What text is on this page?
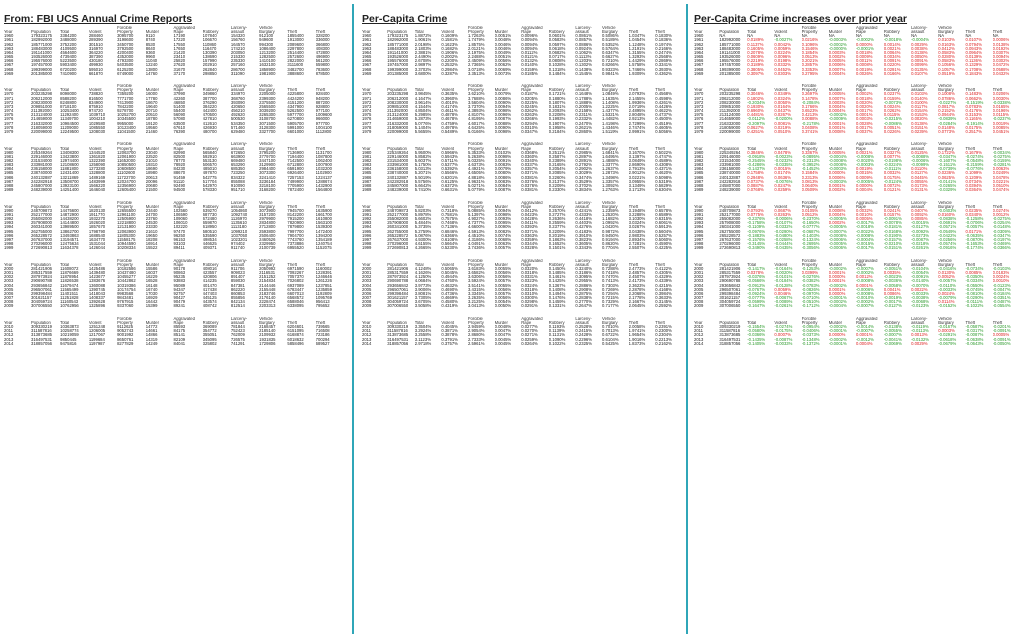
From: FBI UCS Annual Crime Reports
				Forcible		Aggravated		Larceny-	Vehicle		
Year	Population	Total	Violent	Property	Murder	Rape	Robbery	assault	Burglary	Theft	Theft
1960	179323175	3384200	288460	3095700	9110	17190	107840	154320	912100	1855400	328200
1961	182992000	3488000	289390	3198600	8740	17220	106670	156760	949600	1913000	336000
1962	185771000	3752200	301510	3450700	8530	17550	110860	164570	994300	2089600	366800
1963	188483000	4109500	316970	3792500	8640	17650	116470	174210	1086400	2297800	408300
1964	191141000	4564600	364220	4200400	9360	21420	130390	203050	1213200	2514400	472800
1965	193526000	4739400	387390	4352000	9960	23410	138690	215330	1282500	2572600	496900
1966	195576000	5223500	430180	4793300	11040	25820	157990	235330	1410100	2822000	561200
1967	197457000	5903400	499930	5403500	12240	27620	202910	257160	1632100	3111600	659800
1968	199399000	6720200	595010	6125200	13800	31670	262840	286700	1858900	3482700	783600
1969	201385000	7410900	661870	6749000	14760	37170	298850	311090	1981900	3888600	878500

				Forcible		Aggravated		Larceny-	Vehicle		
Year	Population	Total	Violent	Property	Murder	Rape	Robbery	assault	Burglary	Theft	Theft
1970	203235298	8098000	738820	7359200	16000	37990	349860	334970	2205000	4225800	928400
1971	206212000	8588200	816500	7771700	17780	42260	387700	368760	2399300	4424200	948200
1972	208230000	8248800	834900	7413900	18670	46850	376290	393090	2375500	4151200	887200
1973	209851000	8718100	875910	7842200	19640	51400	384220	420650	2565500	4347900	928800
1974	211392000	10253400	974720	9278700	20710	55400	442400	456210	3039200	5262500	977100
1975	213124000	11292400	1039710	10252700	20510	56090	470500	492620	3265300	5977700	1009600
1976	214659000	11349700	1004210	10345500	18780	57080	427810	500530	3108700	6270800	966000
1977	216332000	10984500	1029580	9955000	19120	63500	412610	534350	3071500	5905700	977700
1978	218059000	11209000	1085550	10123400	19560	67610	426930	571460	3128300	5991000	1004100
1979	220099000	12249500	1208030	11041500	21460	76390	480700	629480	3327700	6601000	1112800

				Forcible		Aggravated		Larceny-	Vehicle		
Year	Population	Total	Violent	Property	Murder	Rape	Robbery	assault	Burglary	Theft	Theft
1980	225349264	13408300	1344520	12063700	23040	82990	565840	672650	3795200	7136900	1131700
1981	229146000	13423800	1361820	12061900	22520	82500	592910	663900	3779700	7194400	1087800
1982	231534000	12974400	1322390	11652000	21010	78770	553130	669480	3447100	7142500	1062400
1983	233981000	12108600	1258090	10850500	19310	78920	506570	653290	3129900	6712800	1007900
1984	236158000	11881800	1273280	10608500	18690	84230	485010	685350	2984400	6591900	1032200
1985	238740000	12431400	1328800	11102600	18980	88670	497870	723250	3073300	6926400	1102900
1986	240132887	13211869	1489169	11722700	20613	91459	542775	834322	3241410	7257153	1224137
1987	242282918	13508700	1483999	12024700	20096	91110	517704	855088	3236184	7499900	1288674
1988	245807000	13923100	1566220	12356900	20680	92490	542970	910090	3218100	7705900	1432900
1989	248239000	14251400	1646040	12605400	21500	94500	578330	951710	3168200	7872400	1564800

				Forcible		Aggravated		Larceny-	Vehicle		
Year	Population	Total	Violent	Property	Murder	Rape	Robbery	assault	Burglary	Theft	Theft
1990	248709873	14475600	1820130	12655500	23440	102560	639270	1054860	3073900	7945700	1635900
1991	252177000	14872900	1911770	12961100	24700	106590	687730	1092740	3157200	8142200	1661700
1992	255082000	14438200	1932270	12505900	23760	109060	672480	1126970	2979900	7915200	1610800
1993	257908000	14144800	1926020	12218800	24530	106010	659870	1135610	2834800	7820900	1563100
1994	260341000	13989500	1857670	12131900	23330	102220	618950	1113180	2712800	7879800	1539300
1995	262755000	13862700	1798790	12063900	21610	97470	580510	1099210	2593800	7997700	1472400
1996	265228572	13493863	1688540	11805300	19650	96250	535590	1037050	2506400	7904700	1394200
1997	267637000	13194571	1634770	11558175	18208	96153	498534	1023201	2460526	7743760	1354189
1998	270296000	12475634	1531044	10944590	16914	93103	446625	974402	2329950	7373886	1240754
1999	272690813	11634378	1426044	10208334	15522	89411	409371	911740	2100739	6955520	1152075

				Forcible		Aggravated		Larceny-	Vehicle		
Year	Population	Total	Violent	Property	Murder	Rape	Robbery	assault	Burglary	Theft	Theft
2000	281421906	11608072	1425486	10182586	15586	90178	408016	911706	2050992	6971590	1160002
2001	285317559	11876669	1439480	10437480	16037	90863	423557	909023	2116531	7092267	1228391
2002	287973924	11878954	1423677	10455277	16229	95235	420806	891407	2151252	7057370	1246646
2003	290690788	11826538	1383676	10442862	16528	93883	414235	859030	2154834	7026802	1261226
2004	293656842	11679474	1360088	10319386	16148	95089	401470	847381	2144446	6937089	1237851
2005	296507061	11565499	1390745	10174754	16740	94347	417438	862220	2155448	6783447	1235859
2006	299398484	11401511	1418043	9983568	17030	92757	447403	860853	2183746	6607013	1192809
2007	301621157	11251828	1408337	9843481	16929	90427	445125	855856	2176140	6568572	1095769
2008	304059724	11160543	1392628	9767915	16442	90479	443574	842134	2228474	6588046	956413
2009	307006550	10762956	1325896	9337060	15399	89241	408742	812514	2203313	6338095	795652

				Forcible		Aggravated		Larceny-	Vehicle		
Year	Population	Total	Violent	Property	Murder	Rape	Robbery	assault	Burglary	Theft	Theft
2010	309330219	10363873	1251248	9112625	14772	85593	369089	781844	2168457	6204601	739565
2011	311587816	10258774	1206005	9052743	14661	84175	354772	752423	2185140	6151095	716508
2012	313873685	10219059	1217067	9001992	14866	85141	355051	762009	2109932	6168874	723186
2013	316497531	9850445	1199684	8650761	14319	82109	345095	726575	1931835	6018632	700294
2014	318857056	9475816	1197987	8277829	14249	84041	325802	741291	1729806	5858496	689527
Per-Capita Crime
				Forcible		Aggravated		Larceny-	Vehicle		
Year	Population	Total	Violent	Property	Murder	Rape	Robbery	assault	Burglary	Theft	Theft
1960	179323175	1.8872%	0.1609%	1.7263%	0.0051%	0.0096%	0.0601%	0.0861%	0.5086%	1.0347%	0.1830%
1961	182992000	1.9061%	0.1581%	1.7479%	0.0048%	0.0094%	0.0583%	0.0857%	0.5189%	1.0454%	0.1836%
1962	185771000	2.0198%	0.1623%	1.8575%	0.0046%	0.0094%	0.0597%	0.0886%	0.5352%	1.1248%	0.1974%
1963	188483000	2.1803%	0.1682%	2.0121%	0.0046%	0.0094%	0.0618%	0.0924%	0.5764%	1.2191%	0.2166%
1964	191141000	2.3881%	0.1906%	2.1975%	0.0049%	0.0112%	0.0682%	0.1062%	0.6347%	1.3155%	0.2474%
1965	193526000	2.4490%	0.2002%	2.2488%	0.0051%	0.0121%	0.0717%	0.1113%	0.6627%	1.3293%	0.2568%
1966	195576000	2.6708%	0.2200%	2.4509%	0.0056%	0.0132%	0.0808%	0.1203%	0.7210%	1.4429%	0.2869%
1967	197457000	2.9897%	0.2532%	2.7365%	0.0062%	0.0140%	0.1028%	0.1302%	0.8266%	1.5758%	0.3341%
1968	199399000	3.3702%	0.2984%	3.0718%	0.0069%	0.0159%	0.1318%	0.1438%	0.9323%	1.7466%	0.3930%
1969	201385000	3.6800%	0.3287%	3.3513%	0.0073%	0.0185%	0.1484%	0.1545%	0.9841%	1.9309%	0.4362%

				Forcible		Aggravated		Larceny-	Vehicle		
Year	Population	Total	Violent	Property	Murder	Rape	Robbery	assault	Burglary	Theft	Theft
1970	203235298	3.9845%	0.3635%	3.6210%	0.0079%	0.0187%	0.1721%	0.1648%	1.0849%	2.0793%	0.4568%
1971	206212000	4.1647%	0.3960%	3.7688%	0.0086%	0.0205%	0.1880%	0.1788%	1.1635%	2.1455%	0.4598%
1972	208230000	3.9614%	0.4010%	3.5604%	0.0090%	0.0225%	0.1807%	0.1888%	1.1408%	1.9936%	0.4261%
1973	209851000	4.1544%	0.4174%	3.7370%	0.0094%	0.0245%	0.1831%	0.2005%	1.2225%	2.0719%	0.4426%
1974	211392000	4.8504%	0.4611%	4.3893%	0.0098%	0.0262%	0.2093%	0.2158%	1.4377%	2.4895%	0.4622%
1975	213124000	5.2985%	0.4878%	4.8107%	0.0096%	0.0263%	0.2208%	0.2311%	1.5321%	2.8048%	0.4737%
1976	214659000	5.2873%	0.4678%	4.8195%	0.0087%	0.0266%	0.1993%	0.2332%	1.4482%	2.9213%	0.4500%
1977	216332000	5.0776%	0.4759%	4.6017%	0.0088%	0.0294%	0.1907%	0.2470%	1.4198%	2.7299%	0.4519%
1978	218059000	5.1404%	0.4978%	4.6425%	0.0090%	0.0310%	0.1958%	0.2621%	1.4346%	2.7474%	0.4605%
1979	220099000	5.5655%	0.5489%	5.0166%	0.0098%	0.0347%	0.2184%	0.2860%	1.5119%	2.9991%	0.5056%

				Forcible		Aggravated		Larceny-	Vehicle		
Year	Population	Total	Violent	Property	Murder	Rape	Robbery	assault	Burglary	Theft	Theft
1980	225349264	5.9500%	0.5966%	5.3533%	0.0102%	0.0368%	0.2511%	0.2985%	1.6841%	3.1670%	0.5022%
1981	229146000	5.8582%	0.5943%	5.2638%	0.0098%	0.0360%	0.2587%	0.2897%	1.6495%	3.1397%	0.4747%
1982	231534000	5.6037%	0.5711%	5.0325%	0.0091%	0.0340%	0.2389%	0.2891%	1.4888%	3.0849%	0.4589%
1983	233981000	5.1750%	0.5377%	4.6373%	0.0083%	0.0337%	0.2165%	0.2792%	1.3377%	2.8690%	0.4308%
1984	236158000	5.0313%	0.5392%	4.4921%	0.0079%	0.0357%	0.2054%	0.2902%	1.2637%	2.7913%	0.4371%
1985	238740000	5.2071%	0.5566%	4.6505%	0.0080%	0.0371%	0.2085%	0.3029%	1.2873%	2.9012%	0.4620%
1986	240132887	5.5019%	0.6201%	4.8818%	0.0086%	0.0381%	0.2260%	0.3474%	1.3498%	3.0221%	0.5098%
1987	242282918	5.5756%	0.6125%	4.9631%	0.0083%	0.0376%	0.2137%	0.3529%	1.3357%	3.0955%	0.5319%
1988	245807000	5.6642%	0.6372%	5.0271%	0.0084%	0.0376%	0.2209%	0.3702%	1.3092%	3.1349%	0.5829%
1989	248239000	5.7410%	0.6631%	5.0779%	0.0087%	0.0381%	0.2330%	0.3834%	1.2763%	3.1713%	0.6304%

				Forcible		Aggravated		Larceny-	Vehicle		
Year	Population	Total	Violent	Property	Murder	Rape	Robbery	assault	Burglary	Theft	Theft
1990	248709873	5.8203%	0.7318%	5.0885%	0.0094%	0.0412%	0.2570%	0.4241%	1.2359%	3.1948%	0.6578%
1991	252177000	5.8978%	0.7581%	5.1397%	0.0098%	0.0423%	0.2727%	0.4333%	1.2520%	3.2288%	0.6589%
1992	255082000	5.6602%	0.7575%	4.9027%	0.0093%	0.0428%	0.2636%	0.4418%	1.1682%	3.1030%	0.6315%
1993	257908000	5.4844%	0.7468%	4.7377%	0.0095%	0.0411%	0.2559%	0.4403%	1.0992%	3.0324%	0.6061%
1994	260341000	5.3735%	0.7136%	4.6600%	0.0090%	0.0393%	0.2377%	0.4276%	1.0420%	3.0267%	0.5913%
1995	262755000	5.2759%	0.6846%	4.5913%	0.0082%	0.0371%	0.2209%	0.4183%	0.9872%	3.0438%	0.5604%
1996	265228572	5.0876%	0.6366%	4.4510%	0.0074%	0.0363%	0.2019%	0.3910%	0.9450%	2.9803%	0.5257%
1997	267637000	4.9300%	0.6108%	4.3186%	0.0068%	0.0359%	0.1863%	0.3823%	0.9194%	2.8934%	0.5060%
1998	270296000	4.6155%	0.5664%	4.0491%	0.0063%	0.0344%	0.1652%	0.3605%	0.8620%	2.7281%	0.4590%
1999	272690813	4.2665%	0.5230%	3.7436%	0.0057%	0.0328%	0.1501%	0.3343%	0.7704%	2.5507%	0.4225%

				Forcible		Aggravated		Larceny-	Vehicle		
Year	Population	Total	Violent	Property	Murder	Rape	Robbery	assault	Burglary	Theft	Theft
2000	281421906	4.1248%	0.5065%	3.6183%	0.0055%	0.0320%	0.1450%	0.3240%	0.7288%	2.4773%	0.4122%
2001	285317559	4.1626%	0.5045%	3.6582%	0.0056%	0.0318%	0.1485%	0.3186%	0.7418%	2.4857%	0.4305%
2002	287973924	4.1250%	0.4944%	3.6306%	0.0056%	0.0331%	0.1461%	0.3095%	0.7470%	2.4507%	0.4329%
2003	290690788	4.0684%	0.4760%	3.5924%	0.0057%	0.0323%	0.1425%	0.2955%	0.7413%	2.4173%	0.4339%
2004	293656842	3.9773%	0.4632%	3.5141%	0.0055%	0.0324%	0.1367%	0.2886%	0.7303%	2.3623%	0.4215%
2005	296507061	3.9006%	0.4690%	3.4315%	0.0056%	0.0318%	0.1408%	0.2908%	0.7269%	2.2878%	0.4168%
2006	299398484	3.8081%	0.4736%	3.3345%	0.0057%	0.0310%	0.1494%	0.2875%	0.7294%	2.2068%	0.3984%
2007	301621157	3.7305%	0.4669%	3.2635%	0.0056%	0.0300%	0.1476%	0.2838%	0.7215%	2.1778%	0.3633%
2008	304059724	3.6705%	0.4580%	3.2125%	0.0054%	0.0298%	0.1459%	0.2770%	0.7329%	2.1667%	0.3145%
2009	307006550	3.5058%	0.4319%	3.0413%	0.0050%	0.0291%	0.1331%	0.2647%	0.7177%	2.0645%	0.2592%

				Forcible		Aggravated		Larceny-	Vehicle		
Year	Population	Total	Violent	Property	Murder	Rape	Robbery	assault	Burglary	Theft	Theft
2010	309330219	3.3504%	0.4045%	2.9459%	0.0048%	0.0277%	0.1193%	0.2528%	0.7010%	2.0058%	0.2391%
2011	311587816	3.2924%	0.3871%	2.9054%	0.0047%	0.0270%	0.1139%	0.2415%	0.7013%	1.9741%	0.2300%
2012	313873685	3.2558%	0.3878%	2.8680%	0.0047%	0.0271%	0.1131%	0.2428%	0.6722%	1.9654%	0.2304%
2013	316497531	3.1123%	0.3791%	2.7333%	0.0045%	0.0259%	0.1090%	0.2296%	0.6104%	1.9016%	0.2213%
2014	318857056	2.9718%	0.3757%	2.5961%	0.0045%	0.0264%	0.1022%	0.2325%	0.5425%	1.8373%	0.2162%
Per-Capita Crime increases over prior year
				Forcible		Aggravated		Larceny-	Vehicle		
Year	Population	Total	Violent	Property	Murder	Rape	Robbery	assault	Burglary	Theft	Theft
1960	NA	NA	NA	NA	NA	NA	NA	NA	NA	NA	NA
1961	182992000	0.0189%	-0.0027%	0.0216%	-0.0003%	-0.0002%	-0.0018%	-0.0004%	0.0103%	0.0107%	0.0006%
1962	185771000	0.1137%	0.0042%	0.1096%	-0.0002%	0.0000%	0.0014%	0.0029%	0.0163%	0.0794%	0.0138%
1963	188483000	0.1605%	0.0059%	0.1546%	-0.0000%	-0.0001%	0.0021%	0.0038%	0.0412%	0.0943%	0.0192%
1964	191141000	0.2078%	0.0224%	0.1854%	0.0003%	0.0018%	0.0064%	0.0138%	0.0583%	0.0964%	0.0307%
1965	193526000	0.0609%	0.0096%	0.0513%	0.0002%	0.0009%	0.0034%	0.0050%	0.0280%	0.0139%	0.0094%
1966	195576000	0.2219%	0.0198%	0.2021%	0.0005%	0.0011%	0.0091%	0.0091%	0.0583%	0.1136%	0.0302%
1967	197457000	0.3189%	0.0332%	0.2857%	0.0006%	0.0008%	0.0220%	0.0099%	0.1056%	0.1329%	0.0472%
1968	199399000	0.3805%	0.0452%	0.3353%	0.0007%	0.0019%	0.0291%	0.0135%	0.1057%	0.1708%	0.0588%
1969	201385000	0.3097%	0.0303%	0.2795%	0.0004%	0.0026%	0.0166%	0.0107%	0.0519%	0.1843%	0.0432%

				Forcible		Aggravated		Larceny-	Vehicle		
Year	Population	Total	Violent	Property	Murder	Rape	Robbery	assault	Burglary	Theft	Theft
1970	203235298	0.3046%	0.0349%	0.2697%	0.0005%	0.0002%	0.0237%	0.0103%	0.1008%	0.1483%	0.0206%
1971	206212000	0.1802%	0.0324%	0.1478%	0.0007%	0.0018%	0.0159%	0.0140%	0.0786%	0.0662%	0.0030%
1972	208230000	-0.2034%	0.0050%	-0.2084%	0.0003%	0.0020%	-0.0073%	0.0100%	-0.0227%	-0.1519%	-0.0338%
1973	209851000	0.1930%	0.0164%	0.1766%	0.0004%	0.0020%	0.0024%	0.0117%	0.0817%	0.0783%	0.0165%
1974	211392000	0.6960%	0.0437%	0.6523%	0.0004%	0.0017%	0.0262%	0.0154%	0.2152%	0.4176%	0.0196%
1975	213124000	0.4481%	0.0267%	0.4213%	-0.0002%	0.0001%	0.0115%	0.0153%	0.0944%	0.3153%	0.0115%
1976	214659000	-0.0112%	-0.0200%	0.0088%	-0.0009%	0.0003%	-0.0215%	0.0020%	-0.0839%	0.1165%	-0.0237%
1977	216332000	-0.2097%	0.0081%	-0.2178%	0.0001%	0.0028%	-0.0086%	0.0138%	-0.0284%	-0.1914%	0.0019%
1978	218059000	0.0627%	0.0219%	0.0408%	0.0001%	0.0017%	0.0051%	0.0151%	0.0148%	0.0175%	0.0085%
1979	220099000	0.4251%	0.0510%	0.3741%	0.0008%	0.0037%	0.0226%	0.0239%	0.0773%	0.2517%	0.0451%

				Forcible		Aggravated		Larceny-	Vehicle		
Year	Population	Total	Violent	Property	Murder	Rape	Robbery	assault	Burglary	Theft	Theft
1980	225349264	0.3846%	0.0478%	0.3367%	0.0005%	0.0021%	0.0327%	0.0125%	0.1722%	0.1679%	-0.0034%
1981	229146000	-0.0918%	-0.0023%	-0.0895%	-0.0004%	-0.0008%	0.0077%	-0.0088%	-0.0347%	-0.0274%	-0.0275%
1982	231534000	-0.2545%	-0.0232%	-0.2313%	-0.0008%	-0.0020%	-0.0198%	-0.0006%	-0.1607%	-0.0548%	-0.0159%
1983	233981000	-0.4286%	-0.0335%	-0.3952%	-0.0008%	-0.0003%	-0.0224%	-0.0099%	-0.1511%	-0.2159%	-0.0281%
1984	236158000	-0.1437%	0.0015%	-0.1452%	-0.0003%	0.0019%	-0.0111%	0.0110%	-0.0739%	-0.0776%	0.0063%
1985	238740000	0.1758%	0.0174%	0.1584%	0.0000%	0.0015%	0.0032%	0.0127%	0.0236%	0.1099%	0.0249%
1986	240132887	0.2948%	0.0636%	0.2313%	0.0006%	0.0009%	0.0175%	0.0445%	0.0625%	0.1209%	0.0478%
1987	242282918	0.0737%	-0.0076%	0.0813%	-0.0003%	-0.0005%	-0.0124%	0.0055%	-0.0141%	0.0734%	0.0221%
1988	245807000	0.0887%	0.0247%	0.0640%	0.0001%	0.0000%	0.0072%	0.0173%	-0.0265%	0.0394%	0.0510%
1989	248239000	0.0768%	0.0259%	0.0509%	0.0002%	0.0004%	0.0121%	0.0131%	-0.0329%	0.0364%	0.0474%

				Forcible		Aggravated		Larceny-	Vehicle		
Year	Population	Total	Violent	Property	Murder	Rape	Robbery	assault	Burglary	Theft	Theft
1990	248709873	0.0793%	0.0687%	0.0105%	0.0008%	0.0032%	0.0241%	0.0407%	-0.0403%	0.0235%	0.0274%
1991	252177000	0.0775%	0.0263%	0.0512%	0.0004%	0.0010%	0.0157%	0.0092%	0.0160%	0.0340%	0.0012%
1992	255082000	-0.2376%	-0.0006%	-0.2370%	-0.0005%	0.0005%	-0.0091%	0.0085%	-0.0838%	-0.1258%	-0.0275%
1993	257908000	-0.1758%	-0.0107%	-0.1650%	0.0002%	-0.0017%	-0.0078%	-0.0015%	-0.0691%	-0.0706%	-0.0254%
1994	260341000	-0.1109%	-0.0332%	-0.0777%	-0.0005%	-0.0018%	-0.0181%	-0.0127%	-0.0571%	-0.0057%	-0.0148%
1995	262755000	-0.0976%	-0.0290%	-0.0687%	-0.0007%	-0.0022%	-0.0168%	-0.0092%	-0.0549%	0.0171%	-0.0309%
1996	265228572	-0.1883%	-0.0480%	-0.1403%	-0.0008%	-0.0008%	-0.0190%	-0.0273%	-0.0422%	-0.0635%	-0.0347%
1997	267637000	-0.1576%	-0.0258%	-0.1324%	-0.0006%	-0.0004%	-0.0157%	-0.0087%	-0.0256%	-0.0870%	-0.0197%
1998	270296000	-0.3145%	-0.0444%	-0.2695%	-0.0005%	-0.0015%	-0.0210%	-0.0218%	-0.0574%	-0.1653%	-0.0469%
1999	272690813	-0.3490%	-0.0435%	-0.3056%	-0.0006%	-0.0017%	-0.0151%	-0.0261%	-0.0916%	-0.1774%	-0.0366%

				Forcible		Aggravated		Larceny-	Vehicle		
Year	Population	Total	Violent	Property	Murder	Rape	Robbery	assault	Burglary	Theft	Theft
2000	281421906	-0.1417%	-0.0164%	-0.1253%	-0.0002%	-0.0007%	-0.0051%	-0.0104%	-0.0416%	-0.0734%	-0.0103%
2001	285317559	0.0378%	-0.0020%	0.0399%	0.0001%	-0.0002%	0.0035%	-0.0054%	0.0130%	0.0085%	0.0183%
2002	287973924	-0.0376%	-0.0101%	-0.0276%	0.0000%	0.0012%	-0.0023%	-0.0091%	0.0052%	-0.0350%	0.0024%
2003	290690788	-0.0566%	-0.0184%	-0.0382%	0.0001%	-0.0008%	-0.0036%	-0.0140%	-0.0057%	-0.0334%	0.0010%
2004	293656842	-0.0912%	-0.0128%	-0.0783%	-0.0002%	0.0001%	-0.0058%	-0.0070%	-0.0110%	-0.0550%	-0.0123%
2005	296507061	-0.0767%	0.0059%	-0.0826%	0.0001%	-0.0006%	0.0041%	0.0022%	-0.0033%	-0.0745%	-0.0047%
2006	299398484	-0.0924%	0.0046%	-0.0970%	0.0000%	-0.0008%	0.0086%	-0.0033%	0.0024%	-0.0810%	-0.0184%
2007	301621157	-0.0777%	-0.0067%	-0.0710%	-0.0001%	-0.0010%	-0.0019%	-0.0038%	-0.0079%	-0.0290%	-0.0351%
2008	304059724	-0.0599%	-0.0089%	-0.0510%	-0.0002%	-0.0002%	-0.0017%	-0.0068%	0.0114%	-0.0111%	-0.0487%
2009	307006550	-0.1647%	-0.0261%	-0.1712%	-0.0004%	-0.0007%	-0.0127%	-0.0123%	-0.0152%	-0.1022%	-0.0554%

				Forcible		Aggravated		Larceny-	Vehicle		
Year	Population	Total	Violent	Property	Murder	Rape	Robbery	assault	Burglary	Theft	Theft
2010	309330219	-0.1554%	-0.0274%	-0.0954%	-0.0002%	-0.0014%	-0.0138%	-0.0119%	-0.0167%	-0.0587%	-0.0201%
2011	311587816	-0.0580%	-0.0175%	-0.0406%	-0.0001%	-0.0007%	-0.0055%	-0.0113%	0.0003%	-0.0317%	-0.0091%
2012	313873685	-0.0366%	0.0007%	-0.0373%	0.0000%	0.0001%	-0.0007%	0.0013%	-0.0291%	-0.0087%	0.0005%
2013	316497531	-0.1435%	-0.0087%	-0.1348%	-0.0002%	-0.0012%	-0.0041%	-0.0132%	-0.0618%	-0.0638%	-0.0091%
2014	318857056	-0.1405%	-0.0033%	-0.1372%	-0.0001%	0.0004%	-0.0069%	0.0029%	-0.0679%	-0.0643%	-0.0050%
